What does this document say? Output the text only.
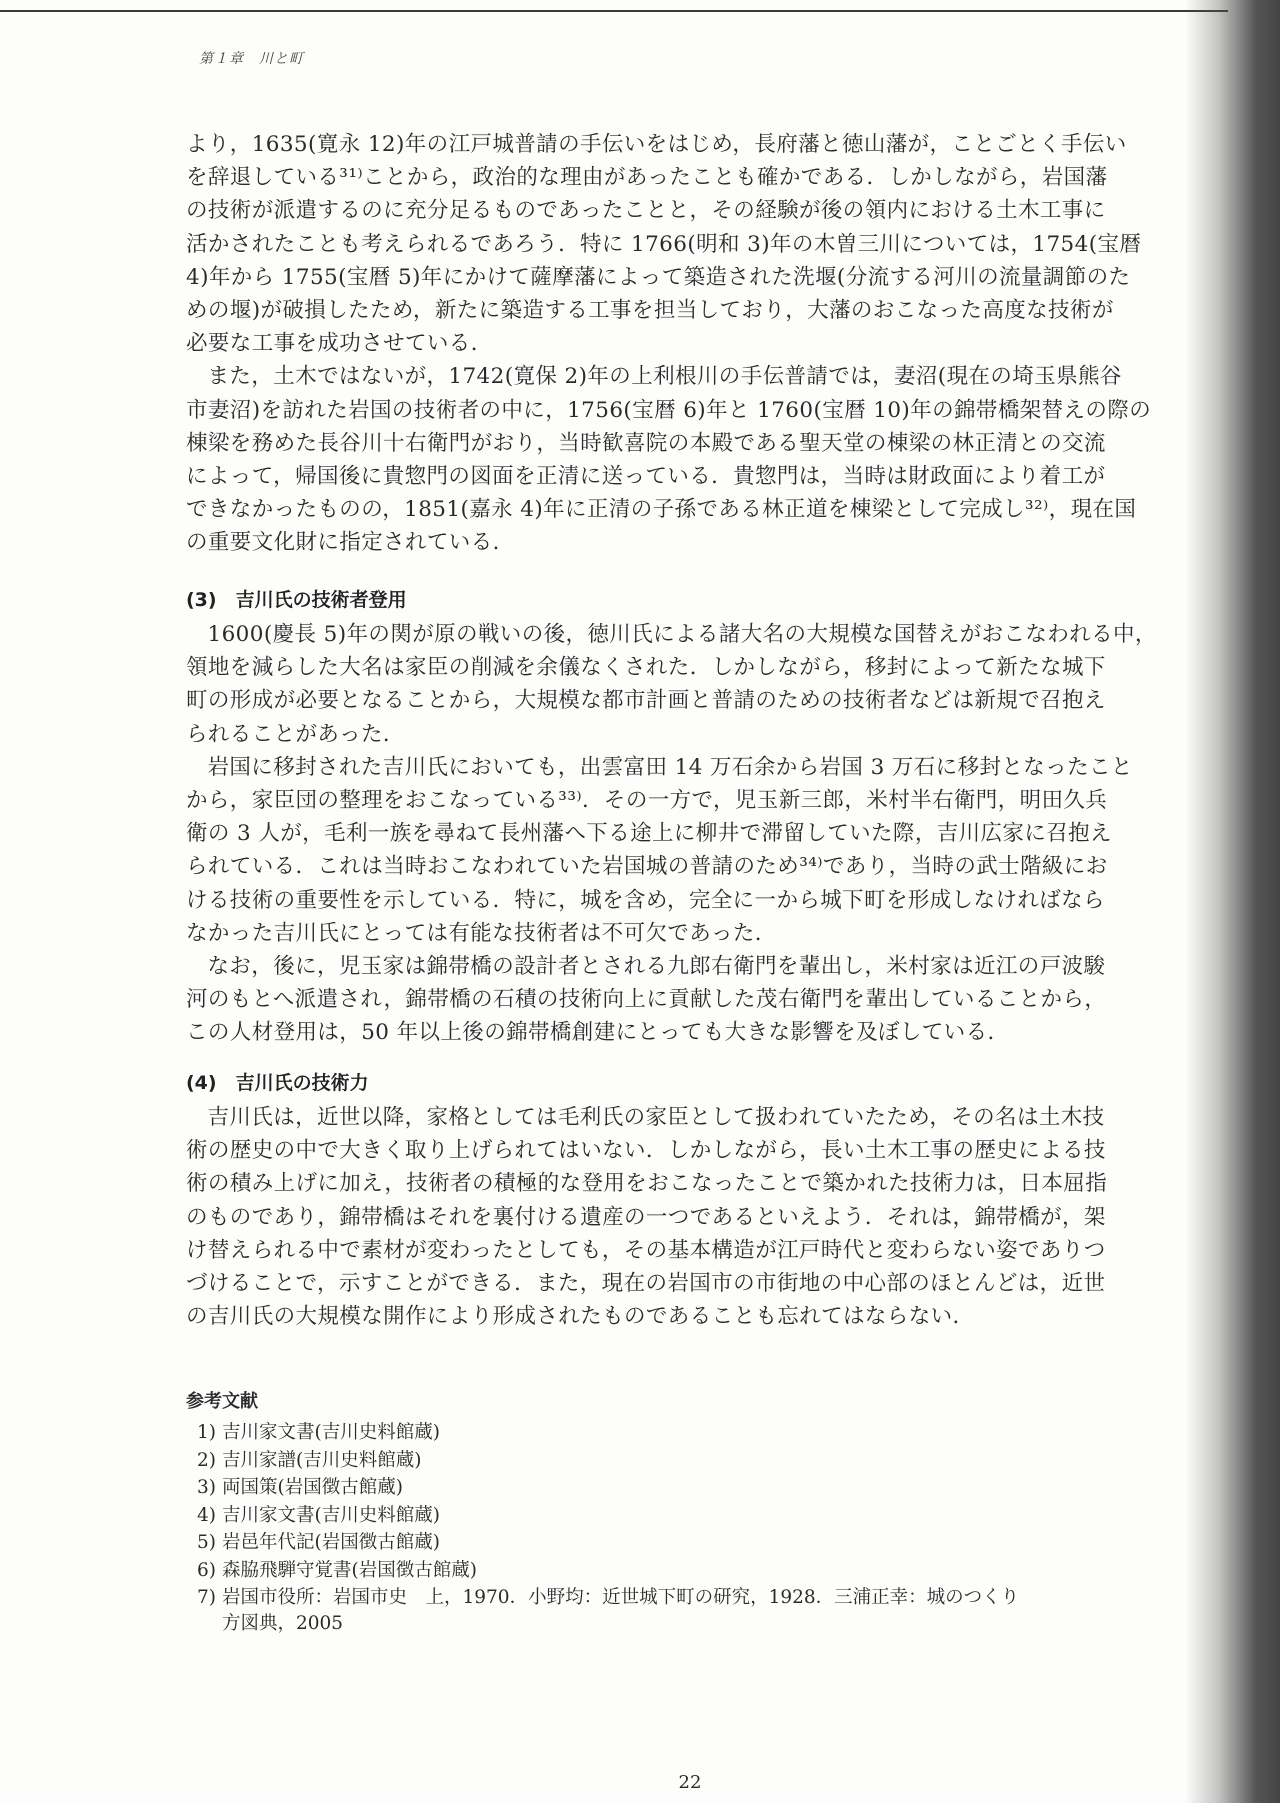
第１章　川と町

より，1635(寛永 12)年の江戸城普請の手伝いをはじめ，長府藩と徳山藩が，ことごとく手伝い

を辞退している³¹⁾ことから，政治的な理由があったことも確かである．しかしながら，岩国藩

の技術が派遣するのに充分足るものであったことと，その経験が後の領内における土木工事に

活かされたことも考えられるであろう．特に 1766(明和 3)年の木曽三川については，1754(宝暦

4)年から 1755(宝暦 5)年にかけて薩摩藩によって築造された洗堰(分流する河川の流量調節のた

めの堰)が破損したため，新たに築造する工事を担当しており，大藩のおこなった高度な技術が

必要な工事を成功させている．

また，土木ではないが，1742(寛保 2)年の上利根川の手伝普請では，妻沼(現在の埼玉県熊谷

市妻沼)を訪れた岩国の技術者の中に，1756(宝暦 6)年と 1760(宝暦 10)年の錦帯橋架替えの際の

棟梁を務めた長谷川十右衛門がおり，当時歓喜院の本殿である聖天堂の棟梁の林正清との交流

によって，帰国後に貴惣門の図面を正清に送っている．貴惣門は，当時は財政面により着工が

できなかったものの，1851(嘉永 4)年に正清の子孫である林正道を棟梁として完成し³²⁾，現在国

の重要文化財に指定されている．

(3)　吉川氏の技術者登用

1600(慶長 5)年の関が原の戦いの後，徳川氏による諸大名の大規模な国替えがおこなわれる中，

領地を減らした大名は家臣の削減を余儀なくされた．しかしながら，移封によって新たな城下

町の形成が必要となることから，大規模な都市計画と普請のための技術者などは新規で召抱え

られることがあった．

岩国に移封された吉川氏においても，出雲富田 14 万石余から岩国 3 万石に移封となったこと

から，家臣団の整理をおこなっている³³⁾．その一方で，児玉新三郎，米村半右衛門，明田久兵

衛の 3 人が，毛利一族を尋ねて長州藩へ下る途上に柳井で滞留していた際，吉川広家に召抱え

られている．これは当時おこなわれていた岩国城の普請のため³⁴⁾であり，当時の武士階級にお

ける技術の重要性を示している．特に，城を含め，完全に一から城下町を形成しなければなら

なかった吉川氏にとっては有能な技術者は不可欠であった．

なお，後に，児玉家は錦帯橋の設計者とされる九郎右衛門を輩出し，米村家は近江の戸波駿

河のもとへ派遣され，錦帯橋の石積の技術向上に貢献した茂右衛門を輩出していることから，

この人材登用は，50 年以上後の錦帯橋創建にとっても大きな影響を及ぼしている．

(4)　吉川氏の技術力

吉川氏は，近世以降，家格としては毛利氏の家臣として扱われていたため，その名は土木技

術の歴史の中で大きく取り上げられてはいない．しかしながら，長い土木工事の歴史による技

術の積み上げに加え，技術者の積極的な登用をおこなったことで築かれた技術力は，日本屈指

のものであり，錦帯橋はそれを裏付ける遺産の一つであるといえよう．それは，錦帯橋が，架

け替えられる中で素材が変わったとしても，その基本構造が江戸時代と変わらない姿でありつ

づけることで，示すことができる．また，現在の岩国市の市街地の中心部のほとんどは，近世

の吉川氏の大規模な開作により形成されたものであることも忘れてはならない．

参考文献
1) 吉川家文書(吉川史料館蔵)
2) 吉川家譜(吉川史料館蔵)
3) 両国策(岩国徴古館蔵)
4) 吉川家文書(吉川史料館蔵)
5) 岩邑年代記(岩国徴古館蔵)
6) 森脇飛騨守覚書(岩国徴古館蔵)
7) 岩国市役所：岩国市史　上，1970．小野均：近世城下町の研究，1928．三浦正幸：城のつくり
方図典，2005
22
